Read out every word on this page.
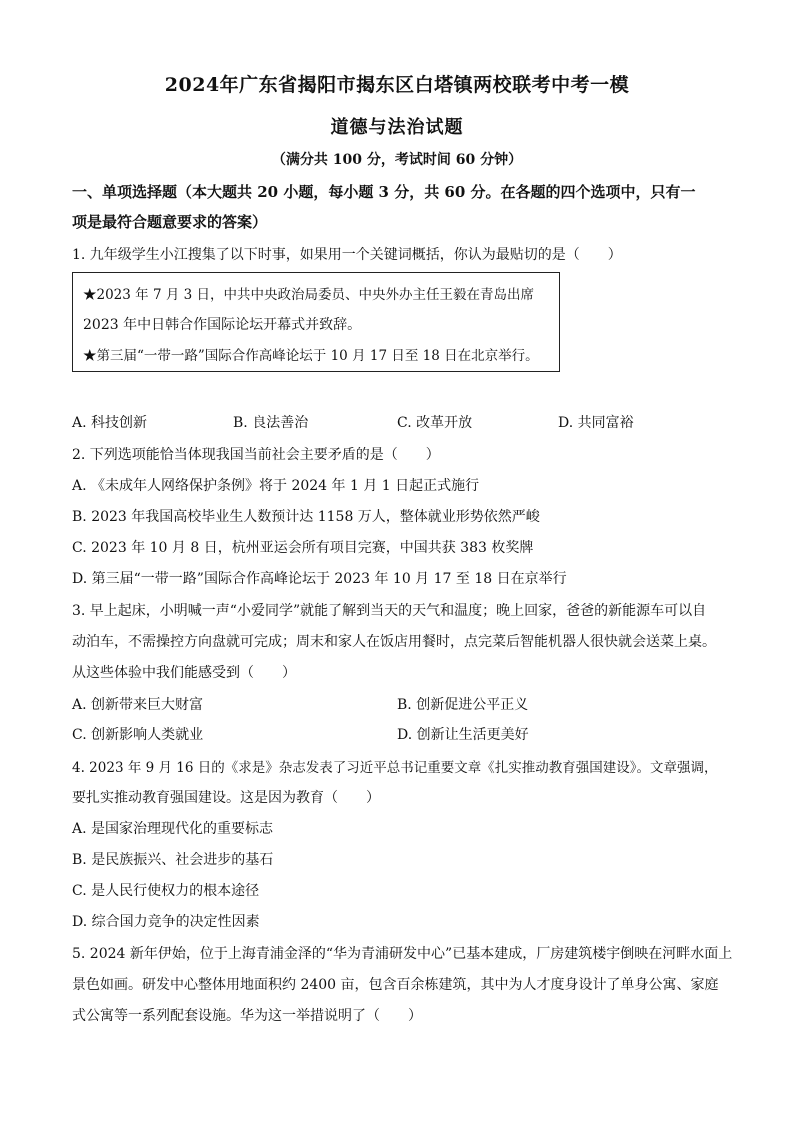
2024年广东省揭阳市揭东区白塔镇两校联考中考一模
道德与法治试题
（满分共 100 分，考试时间 60 分钟）
一、单项选择题（本大题共 20 小题，每小题 3 分，共 60 分。在各题的四个选项中，只有一
项是最符合题意要求的答案）
1. 九年级学生小江搜集了以下时事，如果用一个关键词概括，你认为最贴切的是（　　）
★2023 年 7 月 3 日，中共中央政治局委员、中央外办主任王毅在青岛出席
2023 年中日韩合作国际论坛开幕式并致辞。
★第三届“一带一路”国际合作高峰论坛于 10 月 17 日至 18 日在北京举行。
A. 科技创新	B. 良法善治	C. 改革开放	D. 共同富裕
2. 下列选项能恰当体现我国当前社会主要矛盾的是（　　）
A. 《未成年人网络保护条例》将于 2024 年 1 月 1 日起正式施行
B. 2023 年我国高校毕业生人数预计达 1158 万人，整体就业形势依然严峻
C. 2023 年 10 月 8 日，杭州亚运会所有项目完赛，中国共获 383 枚奖牌
D. 第三届“一带一路”国际合作高峰论坛于 2023 年 10 月 17 至 18 日在京举行
3. 早上起床，小明喊一声“小爱同学”就能了解到当天的天气和温度；晚上回家，爸爸的新能源车可以自
动泊车，不需操控方向盘就可完成；周末和家人在饭店用餐时，点完菜后智能机器人很快就会送菜上桌。
从这些体验中我们能感受到（　　）
A. 创新带来巨大财富	B. 创新促进公平正义
C. 创新影响人类就业	D. 创新让生活更美好
4. 2023 年 9 月 16 日的《求是》杂志发表了习近平总书记重要文章《扎实推动教育强国建设》。文章强调，
要扎实推动教育强国建设。这是因为教育（　　）
A. 是国家治理现代化的重要标志
B. 是民族振兴、社会进步的基石
C. 是人民行使权力的根本途径
D. 综合国力竞争的决定性因素
5. 2024 新年伊始，位于上海青浦金泽的“华为青浦研发中心”已基本建成，厂房建筑楼宇倒映在河畔水面上
景色如画。研发中心整体用地面积约 2400 亩，包含百余栋建筑，其中为人才度身设计了单身公寓、家庭
式公寓等一系列配套设施。华为这一举措说明了（　　）
